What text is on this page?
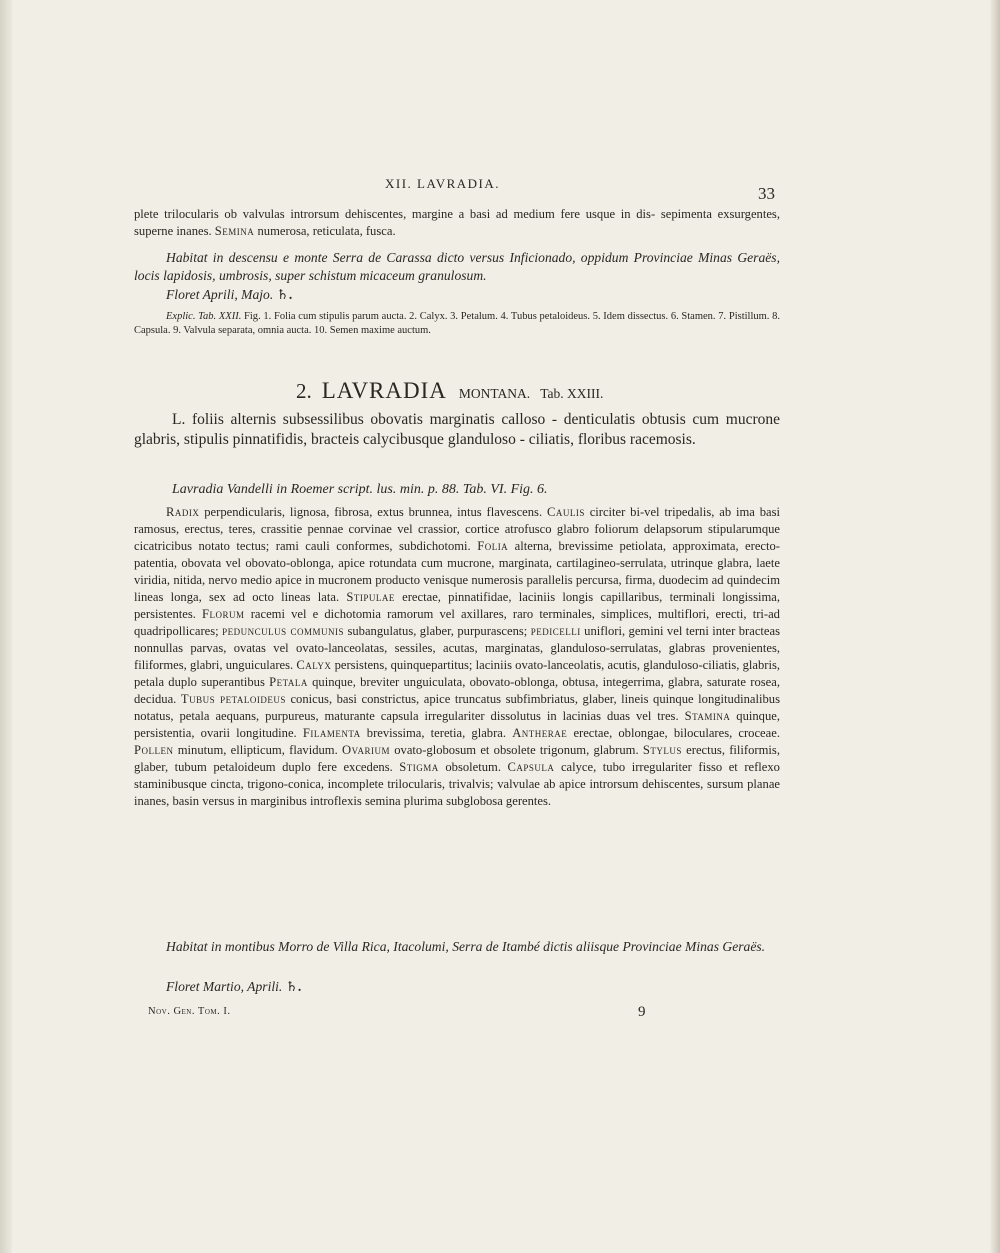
XII. LAVRADIA.
33

plete trilocularis ob valvulas introrsum dehiscentes, margine a basi ad medium fere usque in dis- sepimenta exsurgentes, superne inanes. Semina numerosa, reticulata, fusca.

Habitat in descensu e monte Serra de Carassa dicto versus Inficionado, oppidum Provinciae Minas Geraës, locis lapidosis, umbrosis, super schistum micaceum granulosum.

Floret Aprili, Majo. ♄.

Explic. Tab. XXII. Fig. 1. Folia cum stipulis parum aucta. 2. Calyx. 3. Petalum. 4. Tubus petaloideus. 5. Idem dissectus. 6. Stamen. 7. Pistillum. 8. Capsula. 9. Valvula separata, omnia aucta. 10. Semen maxime auctum.

2. LAVRADIA MONTANA. Tab. XXIII.

L. foliis alternis subsessilibus obovatis marginatis calloso - denticulatis obtusis cum mucrone glabris, stipulis pinnatifidis, bracteis calycibusque glanduloso - ciliatis, floribus racemosis.

Lavradia Vandelli in Roemer script. lus. min. p. 88. Tab. VI. Fig. 6.

Radix perpendicularis, lignosa, fibrosa, extus brunnea, intus flavescens. Caulis circiter bi-vel tripedalis, ab ima basi ramosus, erectus, teres, crassitie pennae corvinae vel crassior, cortice atrofusco glabro foliorum delapsorum stipularumque cicatricibus notato tectus; rami cauli conformes, subdichotomi. Folia alterna, brevissime petiolata, approximata, erecto-patentia, obovata vel obovato-oblonga, apice rotundata cum mucrone, marginata, cartilagineo-serrulata, utrinque glabra, laete viridia, nitida, nervo medio apice in mucronem producto venisque numerosis parallelis percursa, firma, duodecim ad quindecim lineas longa, sex ad octo lineas lata. Stipulae erectae, pinnatifidae, laciniis longis capillaribus, terminali longissima, persistentes. Florum racemi vel e dichotomia ramorum vel axillares, raro terminales, simplices, multiflori, erecti, tri-ad quadripollicares; pedunculus communis subangulatus, glaber, purpurascens; pedicelli uniflori, gemini vel terni inter bracteas nonnullas parvas, ovatas vel ovato-lanceolatas, sessiles, acutas, marginatas, glanduloso-serrulatas, glabras provenientes, filiformes, glabri, unguiculares. Calyx persistens, quinquepartitus; laciniis ovato-lanceolatis, acutis, glanduloso-ciliatis, glabris, petala duplo superantibus Petala quinque, breviter unguiculata, obovato-oblonga, obtusa, integerrima, glabra, saturate rosea, decidua. Tubus petaloideus conicus, basi constrictus, apice truncatus subfimbriatus, glaber, lineis quinque longitudinalibus notatus, petala aequans, purpureus, maturante capsula irregulariter dissolutus in lacinias duas vel tres. Stamina quinque, persistentia, ovarii longitudine. Filamenta brevissima, teretia, glabra. Antherae erectae, oblongae, biloculares, croceae. Pollen minutum, ellipticum, flavidum. Ovarium ovato-globosum et obsolete trigonum, glabrum. Stylus erectus, filiformis, glaber, tubum petaloideum duplo fere excedens. Stigma obsoletum. Capsula calyce, tubo irregulariter fisso et reflexo staminibusque cincta, trigono-conica, incomplete trilocularis, trivalvis; valvulae ab apice introrsum dehiscentes, sursum planae inanes, basin versus in marginibus introflexis semina plurima subglobosa gerentes.

Habitat in montibus Morro de Villa Rica, Itacolumi, Serra de Itambé dictis aliisque Provinciae Minas Geraës.

Floret Martio, Aprili. ♄.

Nov. Gen. Tom. I.	9
